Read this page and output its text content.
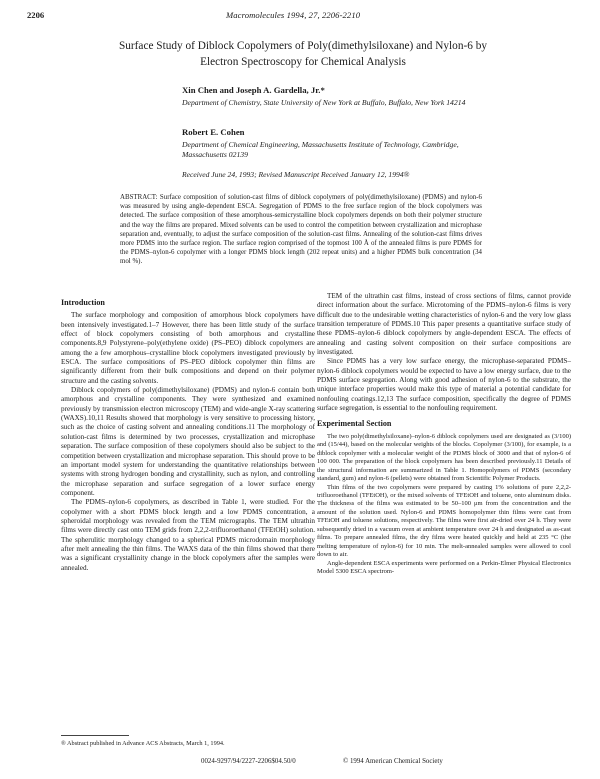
2206	Macromolecules 1994, 27, 2206-2210
Surface Study of Diblock Copolymers of Poly(dimethylsiloxane) and Nylon-6 by Electron Spectroscopy for Chemical Analysis
Xin Chen and Joseph A. Gardella, Jr.*
Department of Chemistry, State University of New York at Buffalo, Buffalo, New York 14214
Robert E. Cohen
Department of Chemical Engineering, Massachusetts Institute of Technology, Cambridge, Massachusetts 02139
Received June 24, 1993; Revised Manuscript Received January 12, 1994®
ABSTRACT: Surface composition of solution-cast films of diblock copolymers of poly(dimethylsiloxane) (PDMS) and nylon-6 was measured by using angle-dependent ESCA. Segregation of PDMS to the free surface region of the block copolymers was detected. The surface composition of these amorphous-semicrystalline block copolymers depends on both their polymer structure and the way the films are prepared. Mixed solvents can be used to control the competition between crystallization and microphase separation and, eventually, to adjust the surface composition of the solution-cast films. Annealing of the solution-cast films drives more PDMS into the surface region. The surface region comprised of the topmost 100 Å of the annealed films is pure PDMS for the PDMS–nylon-6 copolymer with a longer PDMS block length (202 repeat units) and a higher PDMS bulk concentration (34 mol %).
Introduction

The surface morphology and composition of amorphous block copolymers have been intensively investigated.1–7 However, there has been little study of the surface effect of block copolymers consisting of both amorphous and crystalline components.8,9 Polystyrene–poly(ethylene oxide) (PS–PEO) diblock copolymers are among the a few amorphous–crystalline block copolymers investigated previously by ESCA. The surface compositions of PS–PEO diblock copolymer thin films are significantly different from their bulk compositions and depend on their polymer structure and the casting solvents.

Diblock copolymers of poly(dimethylsiloxane) (PDMS) and nylon-6 contain both amorphous and crystalline components. They were synthesized and examined previously by transmission electron microscopy (TEM) and wide-angle X-ray scattering (WAXS).10,11 Results showed that morphology is very sensitive to processing history, such as the choice of casting solvent and annealing conditions.11 The morphology of solution-cast films is determined by two processes, crystallization and microphase separation. The surface composition of these copolymers should also be subject to the competition between crystallization and microphase separation. This should prove to be an important model system for understanding the quantitative relationships between systems with strong hydrogen bonding and crystallinity, such as nylon, and controlling the microphase separation and surface segregation of a lower surface energy component.

The PDMS–nylon-6 copolymers, as described in Table 1, were studied. For the copolymer with a short PDMS block length and a low PDMS concentration, a spheroidal morphology was revealed from the TEM micrographs. The TEM ultrathin films were directly cast onto TEM grids from 2,2,2-trifluoroethanol (TFEtOH) solution. The spherulitic morphology changed to a spherical PDMS microdomain morphology after melt annealing the thin films. The WAXS data of the thin films showed that there was a significant crystallinity change in the block copolymers after the samples were annealed.

TEM of the ultrathin cast films, instead of cross sections of films, cannot provide direct information about the surface. Microtoming of the PDMS–nylon-6 films is very difficult due to the undesirable wetting characteristics of nylon-6 and the very low glass transition temperature of PDMS.10 This paper presents a quantitative surface study of these PDMS–nylon-6 diblock copolymers by angle-dependent ESCA. The effects of annealing and casting solvent composition on their surface compositions are investigated.

Since PDMS has a very low surface energy, the microphase-separated PDMS–nylon-6 diblock copolymers would be expected to have a low energy surface, due to the PDMS surface segregation. Along with good adhesion of nylon-6 to the substrate, the unique interface properties would make this type of material a potential candidate for nonfouling coatings.12,13 The surface composition, specifically the degree of PDMS surface segregation, is essential to the nonfouling requirement.

Experimental Section

The two poly(dimethylsiloxane)–nylon-6 diblock copolymers used are designated as (3/100) and (15/44), based on the molecular weights of the blocks. Copolymer (3/100), for example, is a diblock copolymer with a molecular weight of the PDMS block of 3000 and that of nylon-6 of 100 000. The preparation of the block copolymers has been described previously.11 Details of the structural information are summarized in Table 1. Homopolymers of PDMS (secondary standard, gum) and nylon-6 (pellets) were obtained from Scientific Polymer Products.

Thin films of the two copolymers were prepared by casting 1% solutions of pure 2,2,2-trifluoroethanol (TFEtOH), or the mixed solvents of TFEtOH and toluene, onto aluminum disks. The thickness of the films was estimated to be 50–100 μm from the concentration and the amount of the solution used. Nylon-6 and PDMS homopolymer thin films were cast from TFEtOH and toluene solutions, respectively. The films were first air-dried over 24 h. They were subsequently dried in a vacuum oven at ambient temperature over 24 h and designated as as-cast films. To prepare annealed films, the dry films were heated quickly and held at 235 °C (the melting temperature of nylon-6) for 10 min. The melt-annealed samples were allowed to cool down to air.

Angle-dependent ESCA experiments were performed on a Perkin-Elmer Physical Electronics Model 5300 ESCA spectrom-

® Abstract published in Advance ACS Abstracts, March 1, 1994.
0024-9297/94/2227-2206$04.50/0	© 1994 American Chemical Society
